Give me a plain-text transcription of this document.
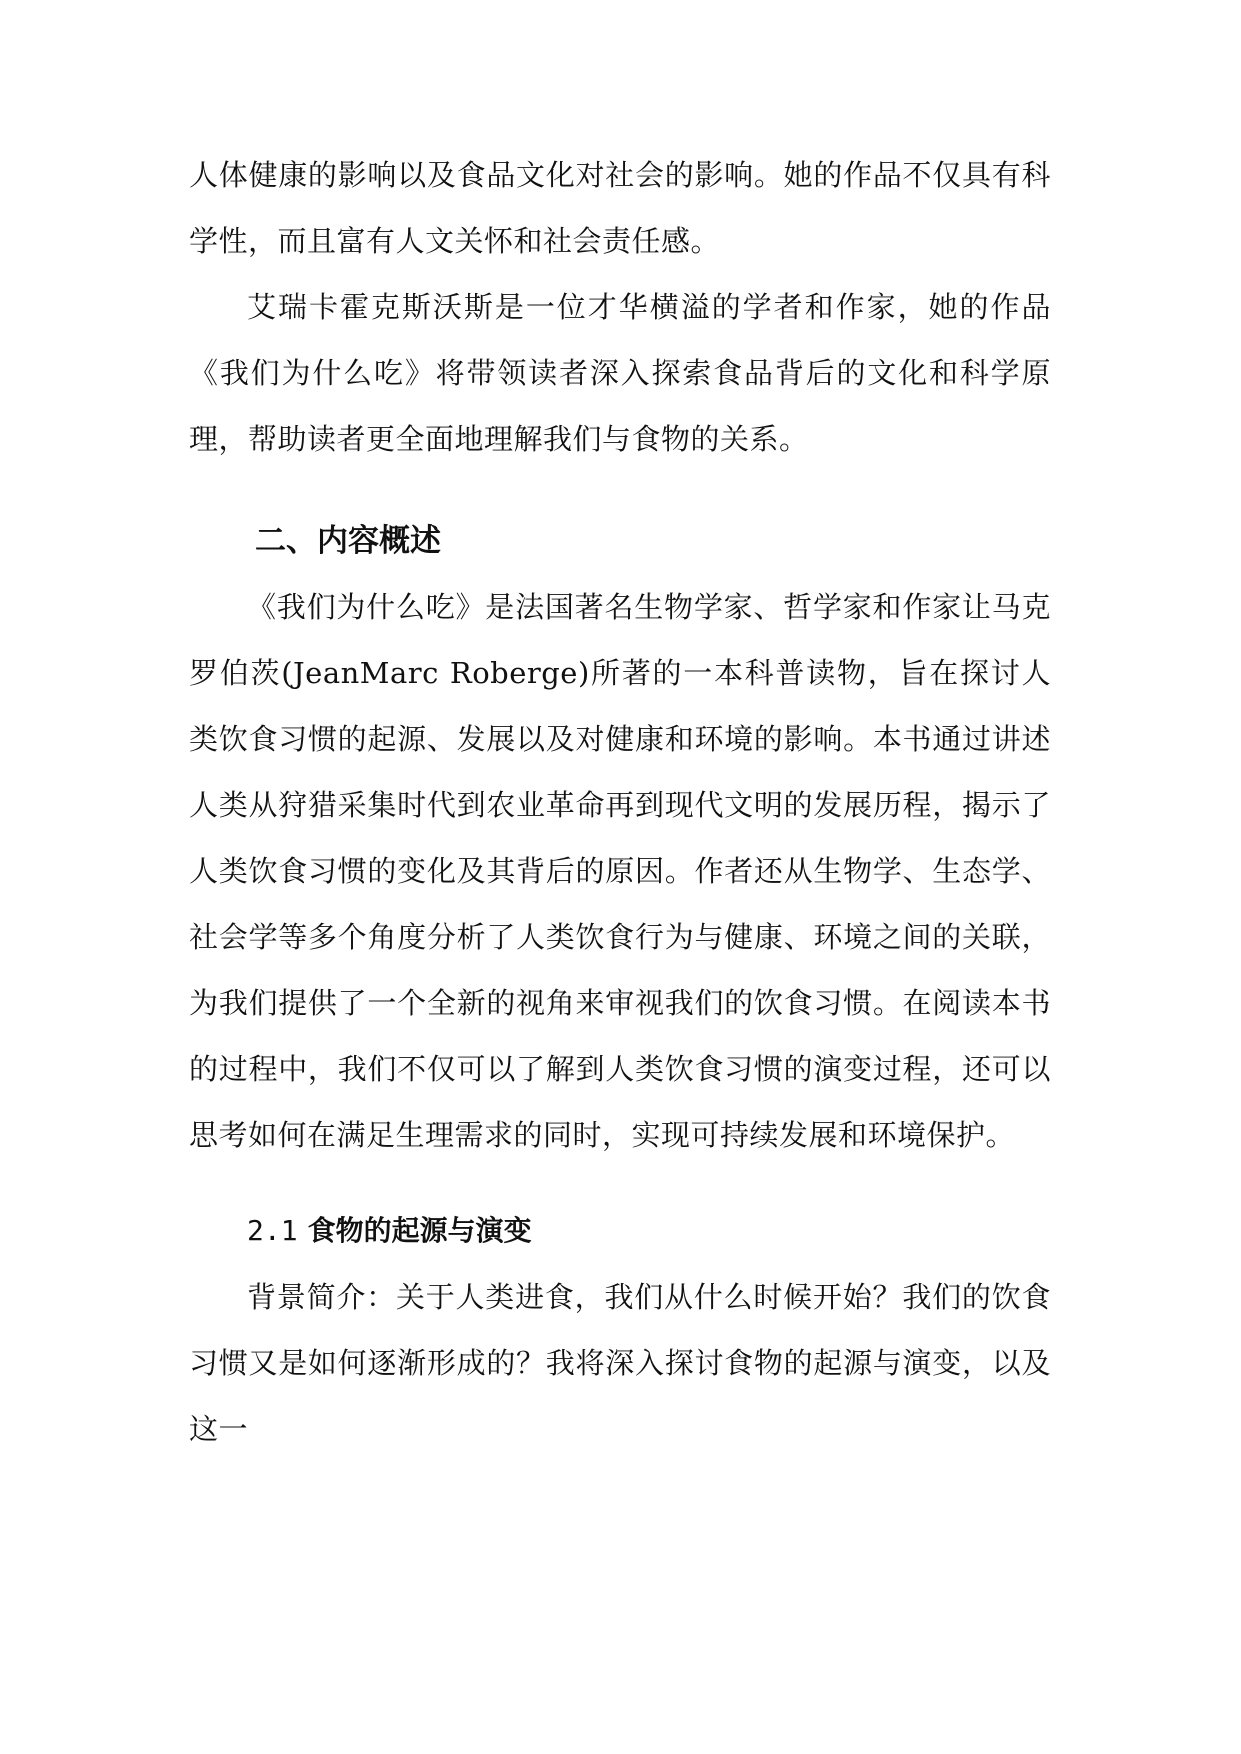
人体健康的影响以及食品文化对社会的影响。她的作品不仅具有科学性，而且富有人文关怀和社会责任感。

艾瑞卡霍克斯沃斯是一位才华横溢的学者和作家，她的作品《我们为什么吃》将带领读者深入探索食品背后的文化和科学原理，帮助读者更全面地理解我们与食物的关系。

二、内容概述

《我们为什么吃》是法国著名生物学家、哲学家和作家让马克罗伯茨(JeanMarc Roberge)所著的一本科普读物，旨在探讨人类饮食习惯的起源、发展以及对健康和环境的影响。本书通过讲述人类从狩猎采集时代到农业革命再到现代文明的发展历程，揭示了人类饮食习惯的变化及其背后的原因。作者还从生物学、生态学、社会学等多个角度分析了人类饮食行为与健康、环境之间的关联，为我们提供了一个全新的视角来审视我们的饮食习惯。在阅读本书的过程中，我们不仅可以了解到人类饮食习惯的演变过程，还可以思考如何在满足生理需求的同时，实现可持续发展和环境保护。

2.1 食物的起源与演变

背景简介：关于人类进食，我们从什么时候开始？我们的饮食习惯又是如何逐渐形成的？我将深入探讨食物的起源与演变，以及这一
